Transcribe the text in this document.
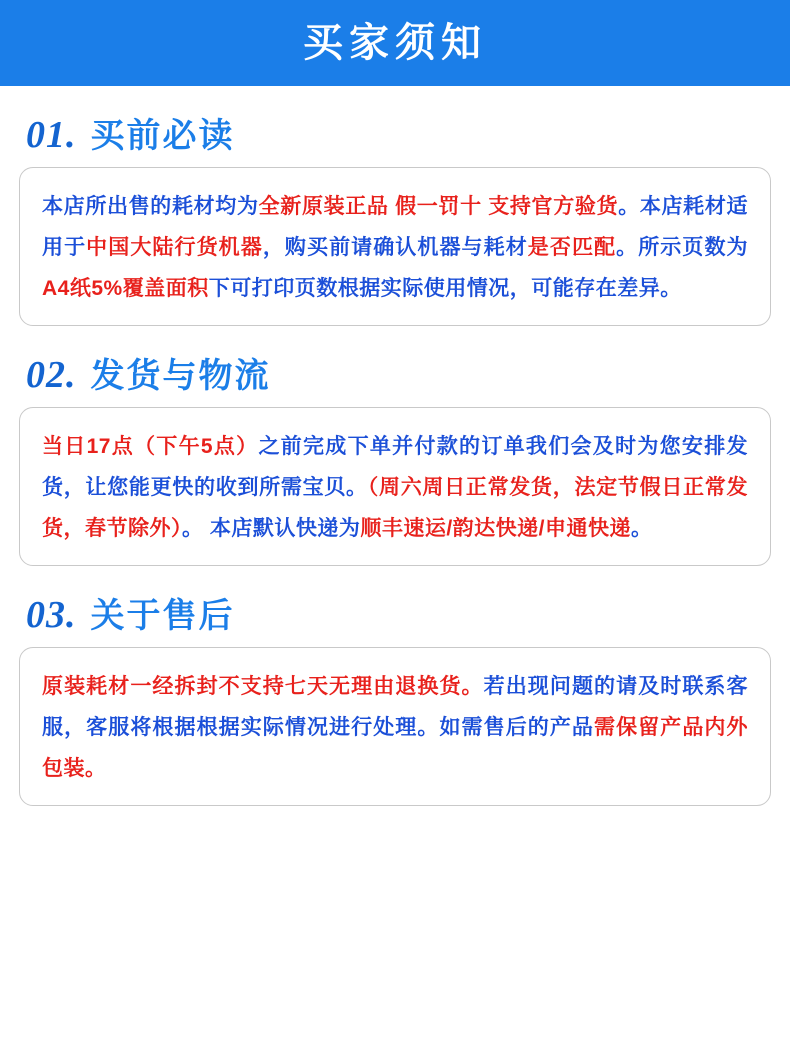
买家须知
01. 买前必读
本店所出售的耗材均为全新原装正品 假一罚十 支持官方验货。本店耗材适用于中国大陆行货机器，购买前请确认机器与耗材是否匹配。所示页数为A4纸5%覆盖面积下可打印页数根据实际使用情况，可能存在差异。
02. 发货与物流
当日17点（下午5点）之前完成下单并付款的订单我们会及时为您安排发货，让您能更快的收到所需宝贝。（周六周日正常发货，法定节假日正常发货，春节除外）。 本店默认快递为顺丰速运/韵达快递/申通快递。
03. 关于售后
原装耗材一经拆封不支持七天无理由退换货。若出现问题的请及时联系客服，客服将根据根据实际情况进行处理。如需售后的产品需保留产品内外包装。
